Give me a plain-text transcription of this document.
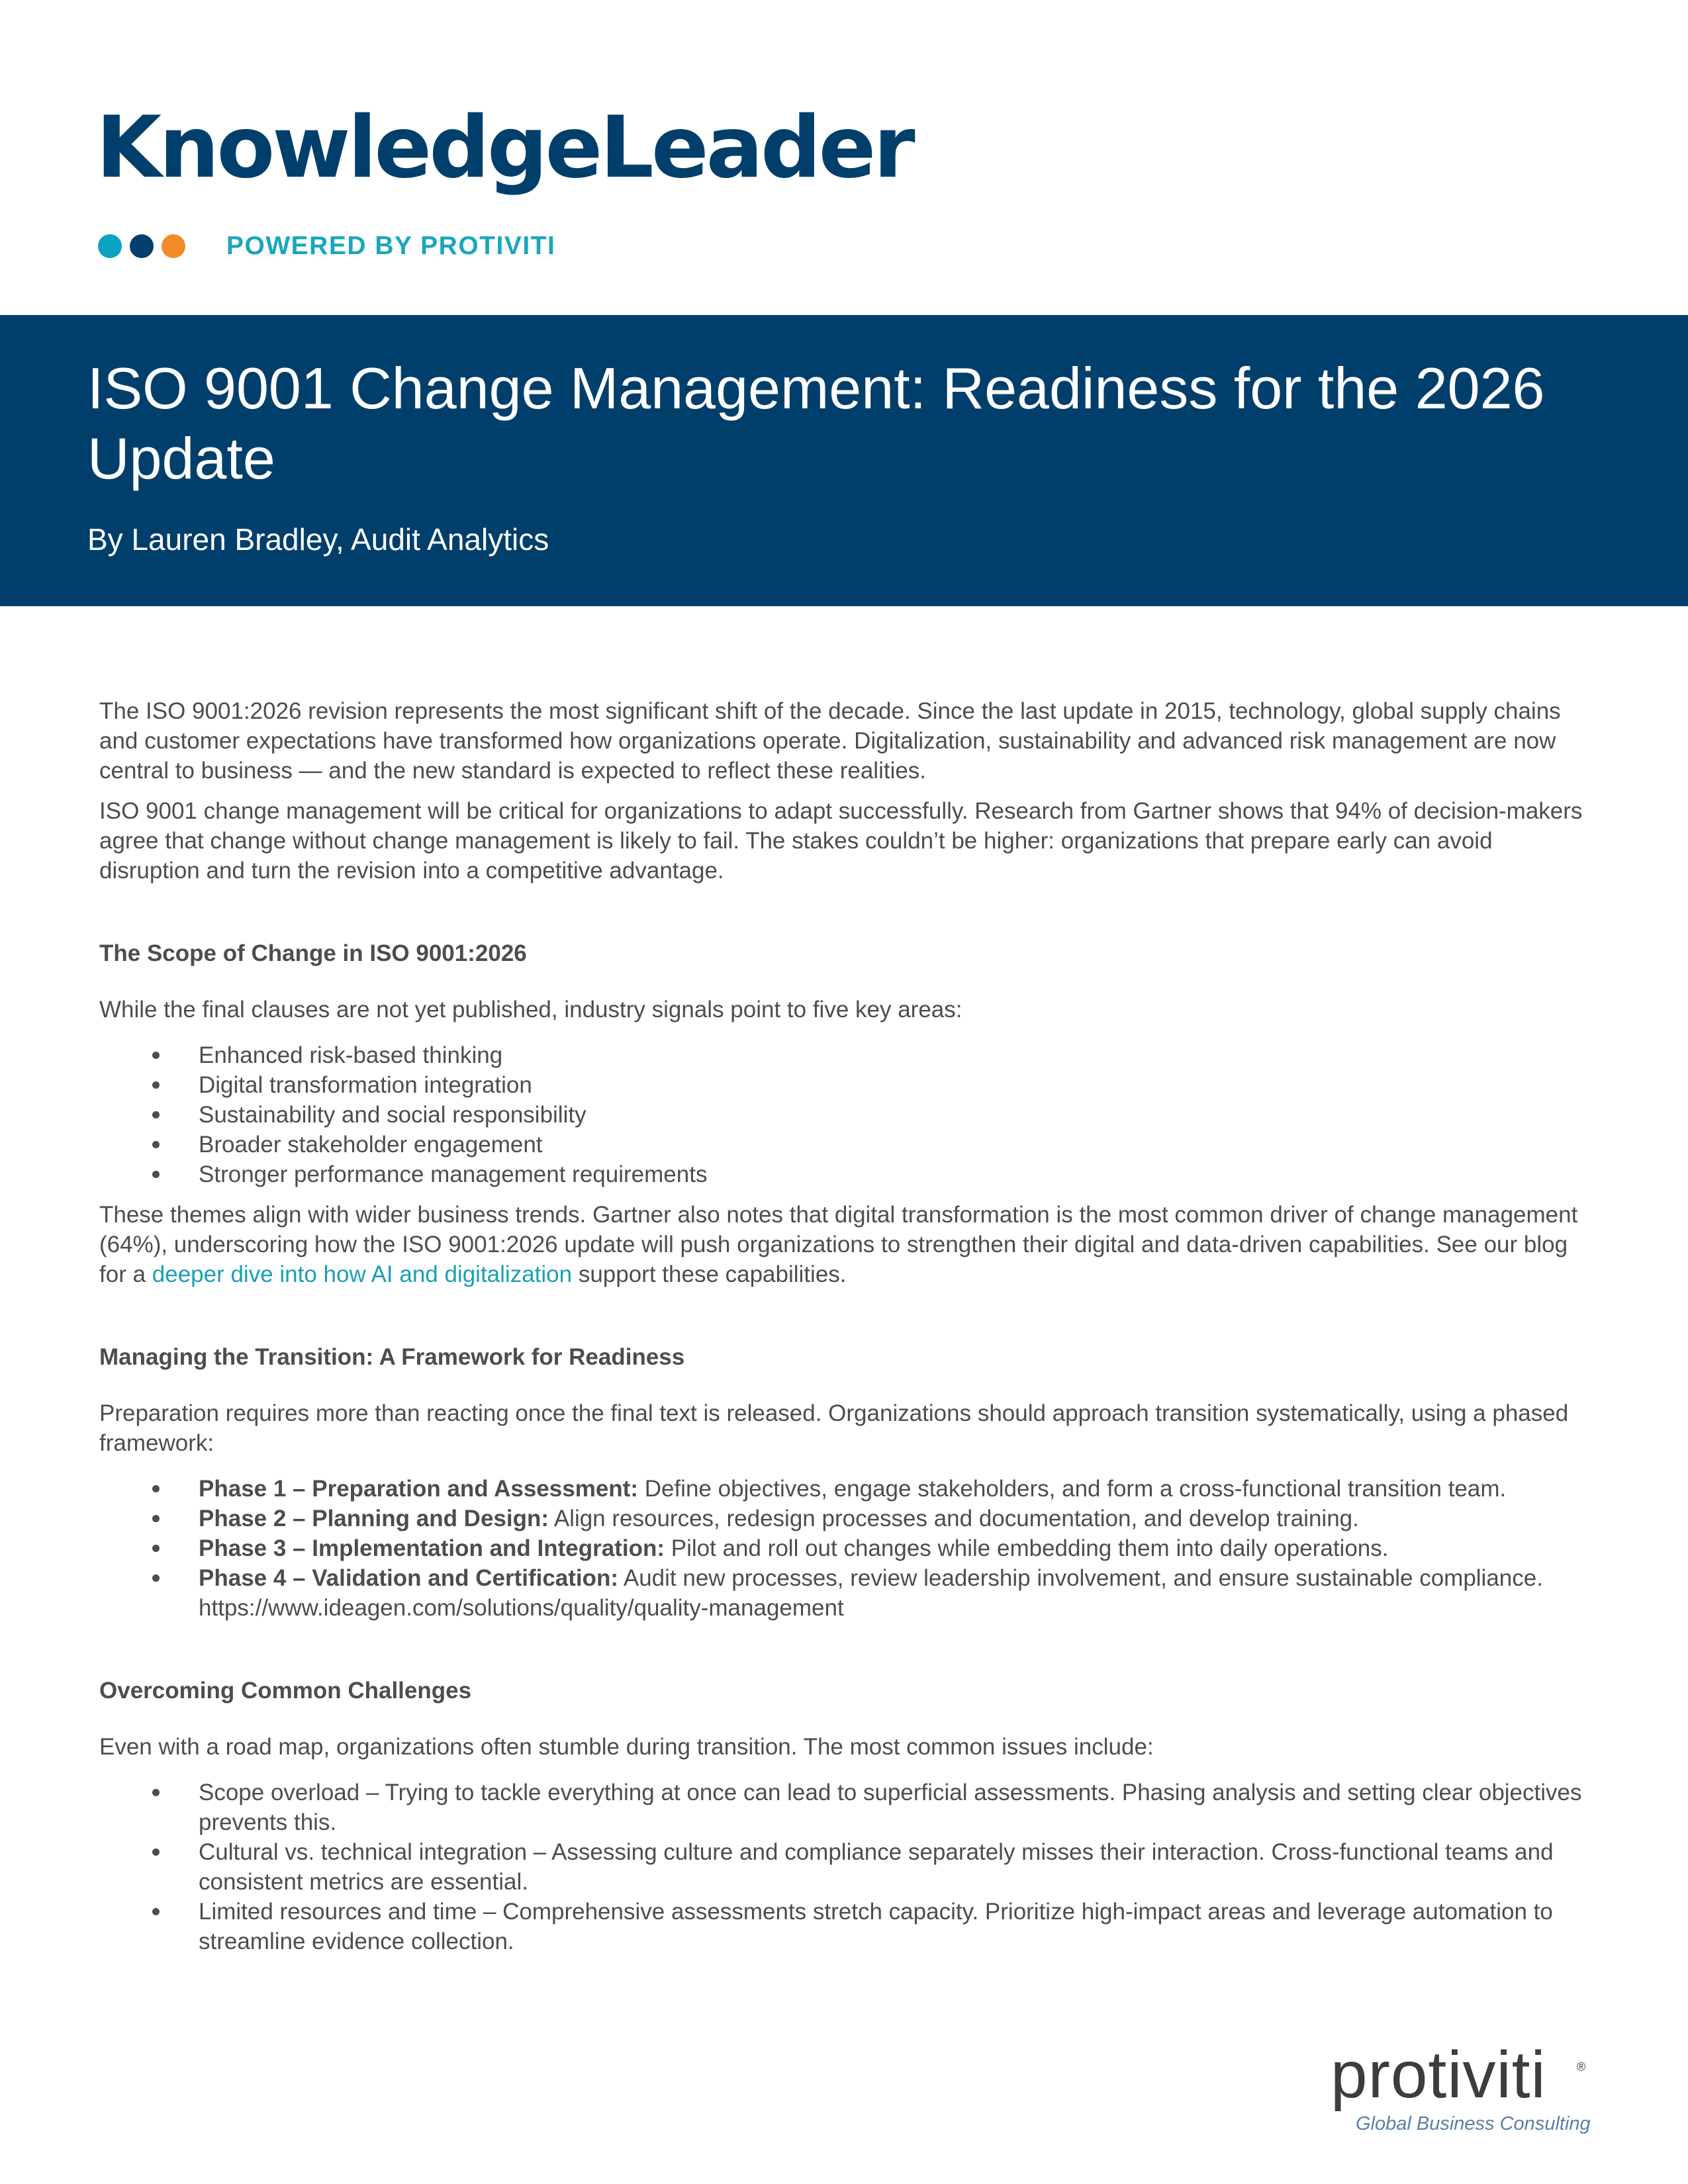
KnowledgeLeader
POWERED BY PROTIVITI
ISO 9001 Change Management: Readiness for the 2026 Update
By Lauren Bradley, Audit Analytics

The ISO 9001:2026 revision represents the most significant shift of the decade. Since the last update in 2015, technology, global supply chains and customer expectations have transformed how organizations operate. Digitalization, sustainability and advanced risk management are now central to business — and the new standard is expected to reflect these realities.

ISO 9001 change management will be critical for organizations to adapt successfully. Research from Gartner shows that 94% of decision-makers agree that change without change management is likely to fail. The stakes couldn’t be higher: organizations that prepare early can avoid disruption and turn the revision into a competitive advantage.

The Scope of Change in ISO 9001:2026

While the final clauses are not yet published, industry signals point to five key areas:

Enhanced risk-based thinking
Digital transformation integration
Sustainability and social responsibility
Broader stakeholder engagement
Stronger performance management requirements

These themes align with wider business trends. Gartner also notes that digital transformation is the most common driver of change management (64%), underscoring how the ISO 9001:2026 update will push organizations to strengthen their digital and data-driven capabilities. See our blog for a deeper dive into how AI and digitalization support these capabilities.

Managing the Transition: A Framework for Readiness

Preparation requires more than reacting once the final text is released. Organizations should approach transition systematically, using a phased framework:

Phase 1 – Preparation and Assessment: Define objectives, engage stakeholders, and form a cross-functional transition team.
Phase 2 – Planning and Design: Align resources, redesign processes and documentation, and develop training.
Phase 3 – Implementation and Integration: Pilot and roll out changes while embedding them into daily operations.
Phase 4 – Validation and Certification: Audit new processes, review leadership involvement, and ensure sustainable compliance. https://www.ideagen.com/solutions/quality/quality-management
Overcoming Common Challenges

Even with a road map, organizations often stumble during transition. The most common issues include:

Scope overload – Trying to tackle everything at once can lead to superficial assessments. Phasing analysis and setting clear objectives prevents this.
Cultural vs. technical integration – Assessing culture and compliance separately misses their interaction. Cross-functional teams and consistent metrics are essential.
Limited resources and time – Comprehensive assessments stretch capacity. Prioritize high-impact areas and leverage automation to streamline evidence collection.
protiviti	®
Global Business Consulting
